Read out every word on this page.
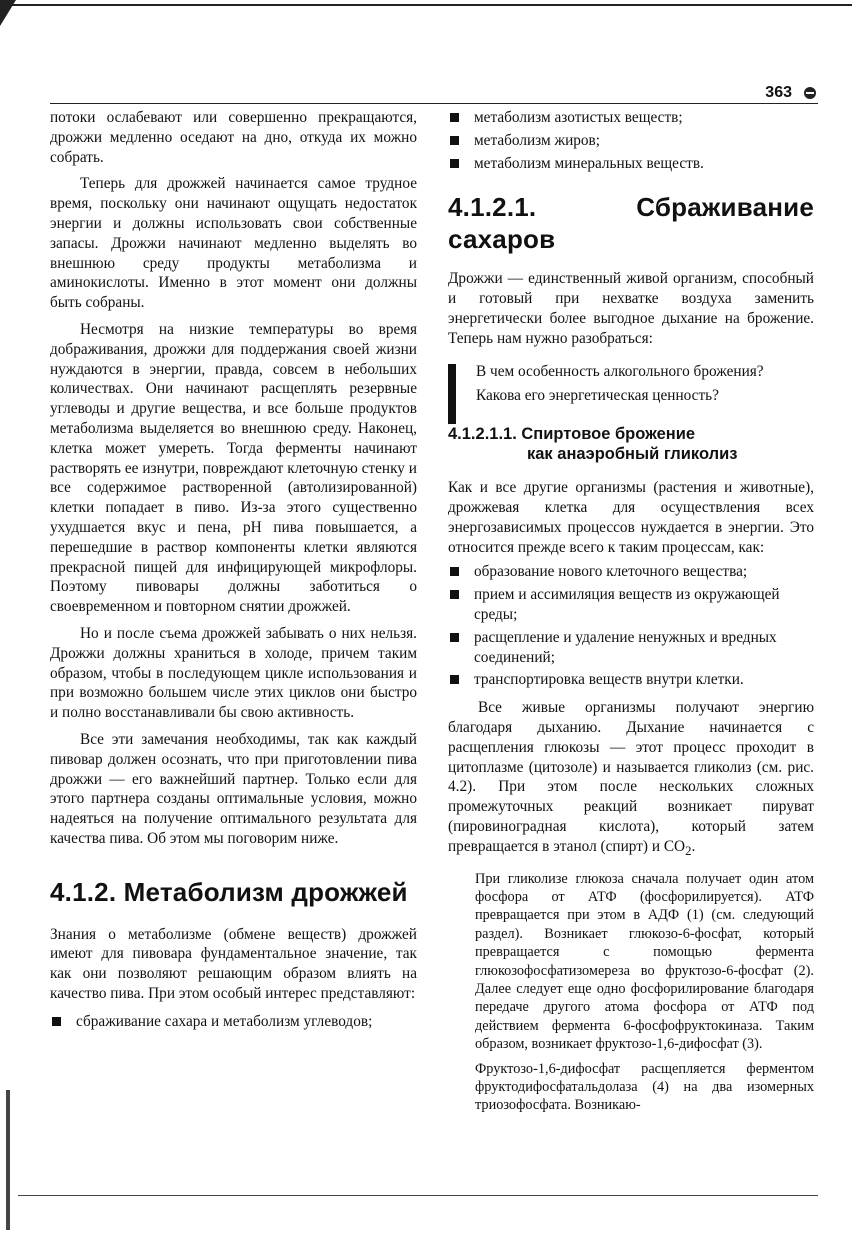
363

потоки ослабевают или совершенно прекращаются, дрожжи медленно оседают на дно, откуда их можно собрать.

Теперь для дрожжей начинается самое трудное время, поскольку они начинают ощущать недостаток энергии и должны использовать свои собственные запасы. Дрожжи начинают медленно выделять во внешнюю среду продукты метаболизма и аминокислоты. Именно в этот момент они должны быть собраны.

Несмотря на низкие температуры во время дображивания, дрожжи для поддержания своей жизни нуждаются в энергии, правда, совсем в небольших количествах. Они начинают расщеплять резервные углеводы и другие вещества, и все больше продуктов метаболизма выделяется во внешнюю среду. Наконец, клетка может умереть. Тогда ферменты начинают растворять ее изнутри, повреждают клеточную стенку и все содержимое растворенной (автолизированной) клетки попадает в пиво. Из-за этого существенно ухудшается вкус и пена, pH пива повышается, а перешедшие в раствор компоненты клетки являются прекрасной пищей для инфицирующей микрофлоры. Поэтому пивовары должны заботиться о своевременном и повторном снятии дрожжей.

Но и после съема дрожжей забывать о них нельзя. Дрожжи должны храниться в холоде, причем таким образом, чтобы в последующем цикле использования и при возможно большем числе этих циклов они быстро и полно восстанавливали бы свою активность.

Все эти замечания необходимы, так как каждый пивовар должен осознать, что при приготовлении пива дрожжи — его важнейший партнер. Только если для этого партнера созданы оптимальные условия, можно надеяться на получение оптимального результата для качества пива. Об этом мы поговорим ниже.

4.1.2. Метаболизм дрожжей

Знания о метаболизме (обмене веществ) дрожжей имеют для пивовара фундаментальное значение, так как они позволяют решающим образом влиять на качество пива. При этом особый интерес представляют:

сбраживание сахара и метаболизм углеводов;
метаболизм азотистых веществ;
метаболизм жиров;
метаболизм минеральных веществ.
4.1.2.1. Сбраживание сахаров

Дрожжи — единственный живой организм, способный и готовый при нехватке воздуха заменить энергетически более выгодное дыхание на брожение. Теперь нам нужно разобраться:

В чем особенность алкогольного брожения?

Какова его энергетическая ценность?

4.1.2.1.1. Спиртовое брожение
как анаэробный гликолиз

Как и все другие организмы (растения и животные), дрожжевая клетка для осуществления всех энергозависимых процессов нуждается в энергии. Это относится прежде всего к таким процессам, как:

образование нового клеточного вещества;
прием и ассимиляция веществ из окружающей среды;
расщепление и удаление ненужных и вредных соединений;
транспортировка веществ внутри клетки.

Все живые организмы получают энергию благодаря дыханию. Дыхание начинается с расщепления глюкозы — этот процесс проходит в цитоплазме (цитозоле) и называется гликолиз (см. рис. 4.2). При этом после нескольких сложных промежуточных реакций возникает пируват (пировиноградная кислота), который затем превращается в этанол (спирт) и $CO_2$.

При гликолизе глюкоза сначала получает один атом фосфора от АТФ (фосфорилируется). АТФ превращается при этом в АДФ (1) (см. следующий раздел). Возникает глюкозо-6-фосфат, который превращается с помощью фермента глюкозофосфатизомереза во фруктозо-6-фосфат (2). Далее следует еще одно фосфорилирование благодаря передаче другого атома фосфора от АТФ под действием фермента 6-фосфофруктокиназа. Таким образом, возникает фруктозо-1,6-дифосфат (3).

Фруктозо-1,6-дифосфат расщепляется ферментом фруктодифосфатальдолаза (4) на два изомерных триозофосфата. Возникаю-
